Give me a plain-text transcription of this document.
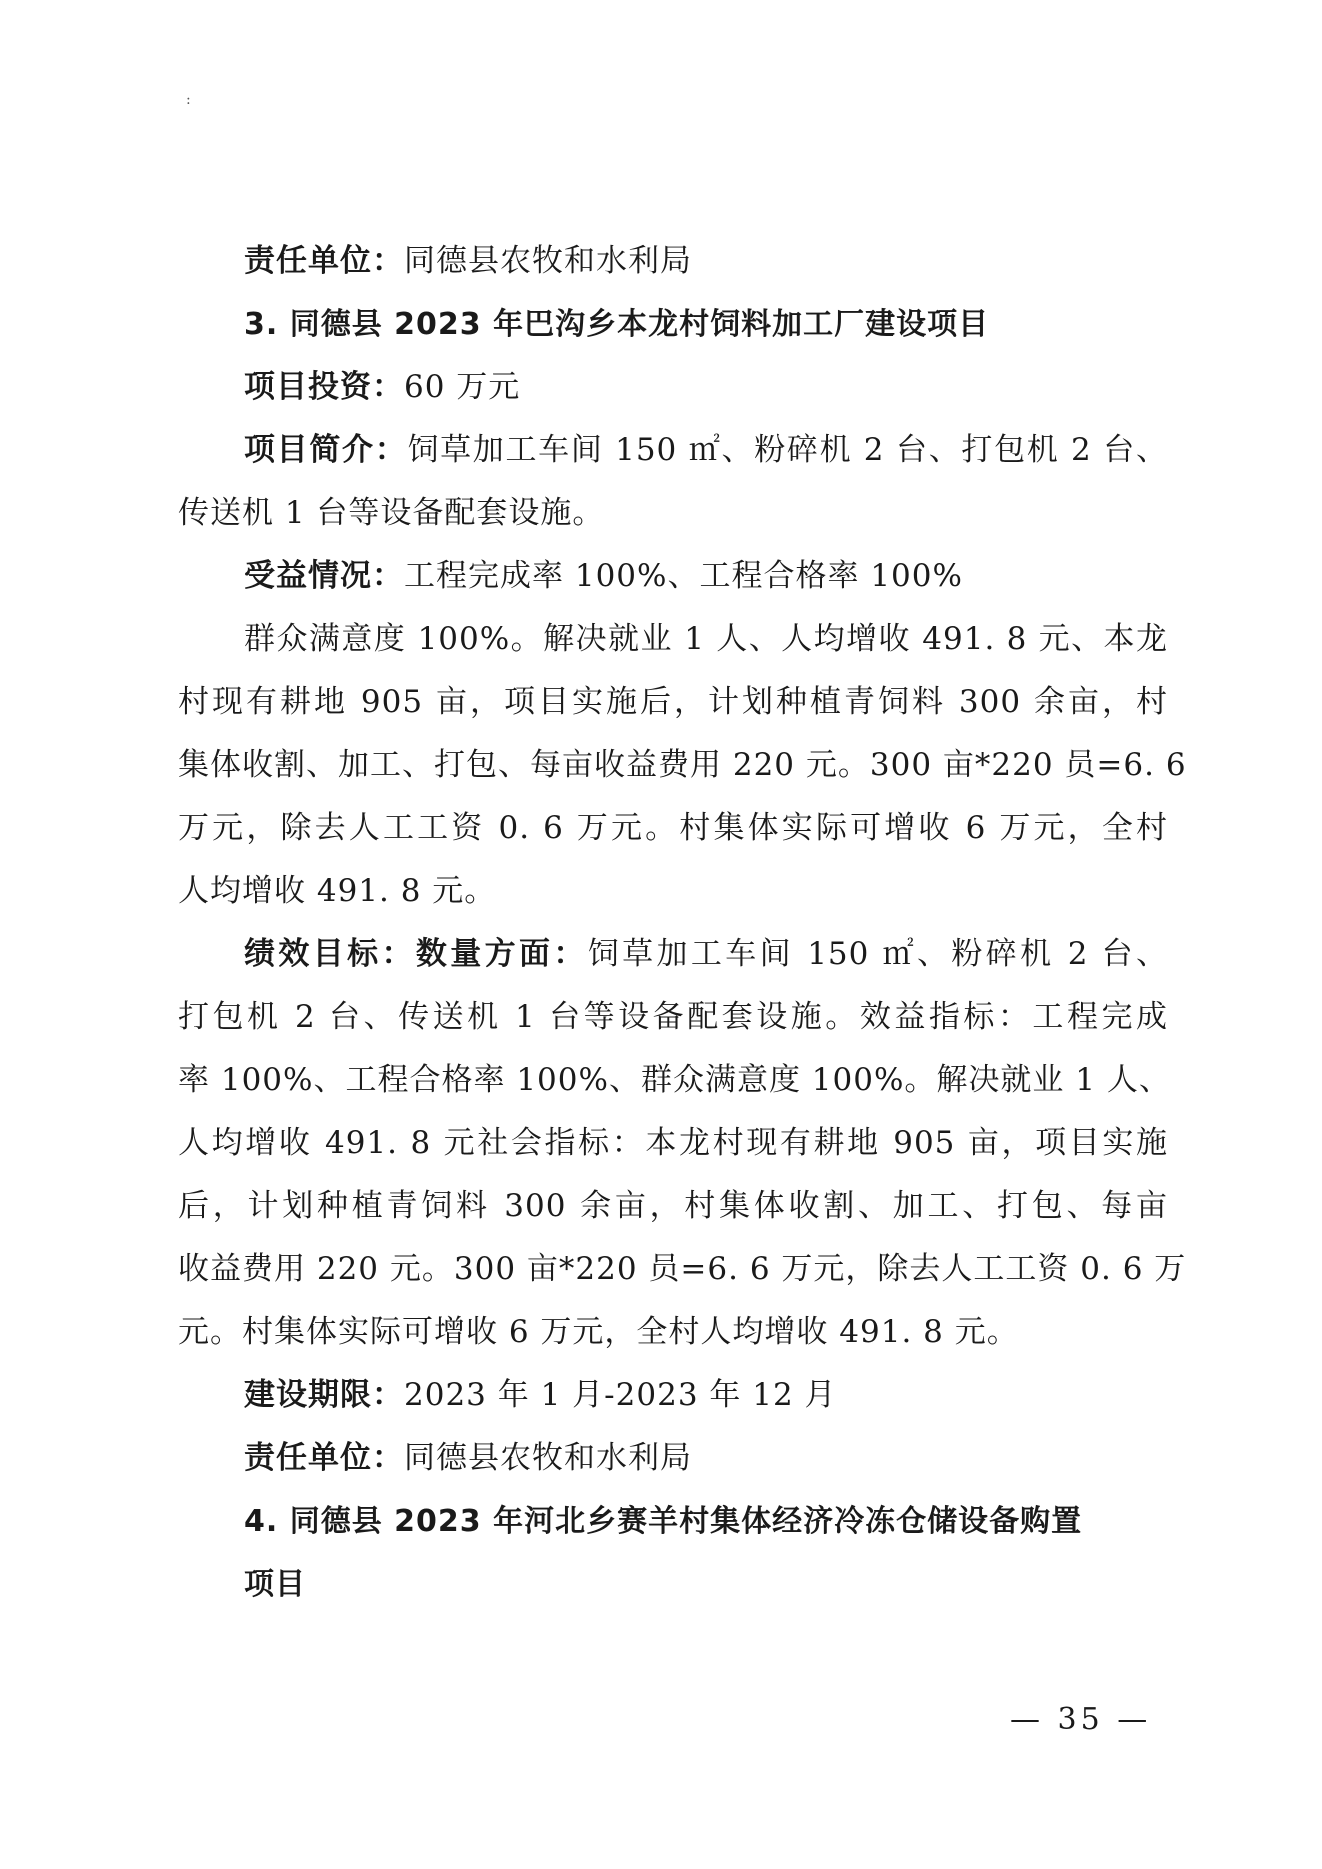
:
责任单位：同德县农牧和水利局
3. 同德县 2023 年巴沟乡本龙村饲料加工厂建设项目
项目投资：60 万元
项目简介：饲草加工车间 150 ㎡、粉碎机 2 台、打包机 2 台、
传送机 1 台等设备配套设施。
受益情况：工程完成率 100%、工程合格率 100%
群众满意度 100%。解决就业 1 人、人均增收 491. 8 元、本龙
村现有耕地 905 亩，项目实施后，计划种植青饲料 300 余亩，村
集体收割、加工、打包、每亩收益费用 220 元。300 亩*220 员=6. 6
万元，除去人工工资 0. 6 万元。村集体实际可增收 6 万元，全村
人均增收 491. 8 元。
绩效目标：数量方面：饲草加工车间 150 ㎡、粉碎机 2 台、
打包机 2 台、传送机 1 台等设备配套设施。效益指标：工程完成
率 100%、工程合格率 100%、群众满意度 100%。解决就业 1 人、
人均增收 491. 8 元社会指标：本龙村现有耕地 905 亩，项目实施
后，计划种植青饲料 300 余亩，村集体收割、加工、打包、每亩
收益费用 220 元。300 亩*220 员=6. 6 万元，除去人工工资 0. 6 万
元。村集体实际可增收 6 万元，全村人均增收 491. 8 元。
建设期限：2023 年 1 月-2023 年 12 月
责任单位：同德县农牧和水利局
4. 同德县 2023 年河北乡赛羊村集体经济冷冻仓储设备购置
项目
— 35 —
